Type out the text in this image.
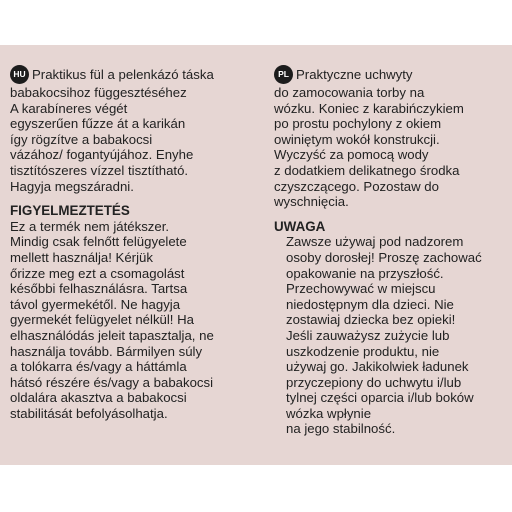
HU Praktikus fül a pelenkázó táska
babakocsihoz függesztéséhez
A karabíneres végét
egyszerűen fűzze át a karikán
így rögzítve a babakocsi
vázához/ fogantyújához. Enyhe
tisztítószeres vízzel tisztítható.
Hagyja megszáradni.
FIGYELMEZTETÉS
Ez a termék nem játékszer.
Mindig csak felnőtt felügyelete
mellett használja! Kérjük
őrizze meg ezt a csomagolást
későbbi felhasználásra. Tartsa
távol gyermekétől. Ne hagyja
gyermekét felügyelet nélkül! Ha
elhasználódás jeleit tapasztalja, ne
használja tovább. Bármilyen súly
a tolókarra és/vagy a háttámla
hátsó részére és/vagy a babakocsi
oldalára akasztva a babakocsi
stabilitását befolyásolhatja.
PL Praktyczne uchwyty
do zamocowania torby na
wózku. Koniec z karabińczykiem
po prostu pochylony z okiem
owiniętym wokół konstrukcji.
Wyczyść za pomocą wody
z dodatkiem delikatnego środka
czyszczącego. Pozostaw do
wyschnięcia.
UWAGA
Zawsze używaj pod nadzorem
osoby dorosłej! Proszę zachować
opakowanie na przyszłość.
Przechowywać w miejscu
niedostępnym dla dzieci. Nie
zostawiaj dziecka bez opieki!
Jeśli zauważysz zużycie lub
uszkodzenie produktu, nie
używaj go. Jakikolwiek ładunek
przyczepiony do uchwytu i/lub
tylnej części oparcia i/lub boków
wózka wpłynie
na jego stabilność.
